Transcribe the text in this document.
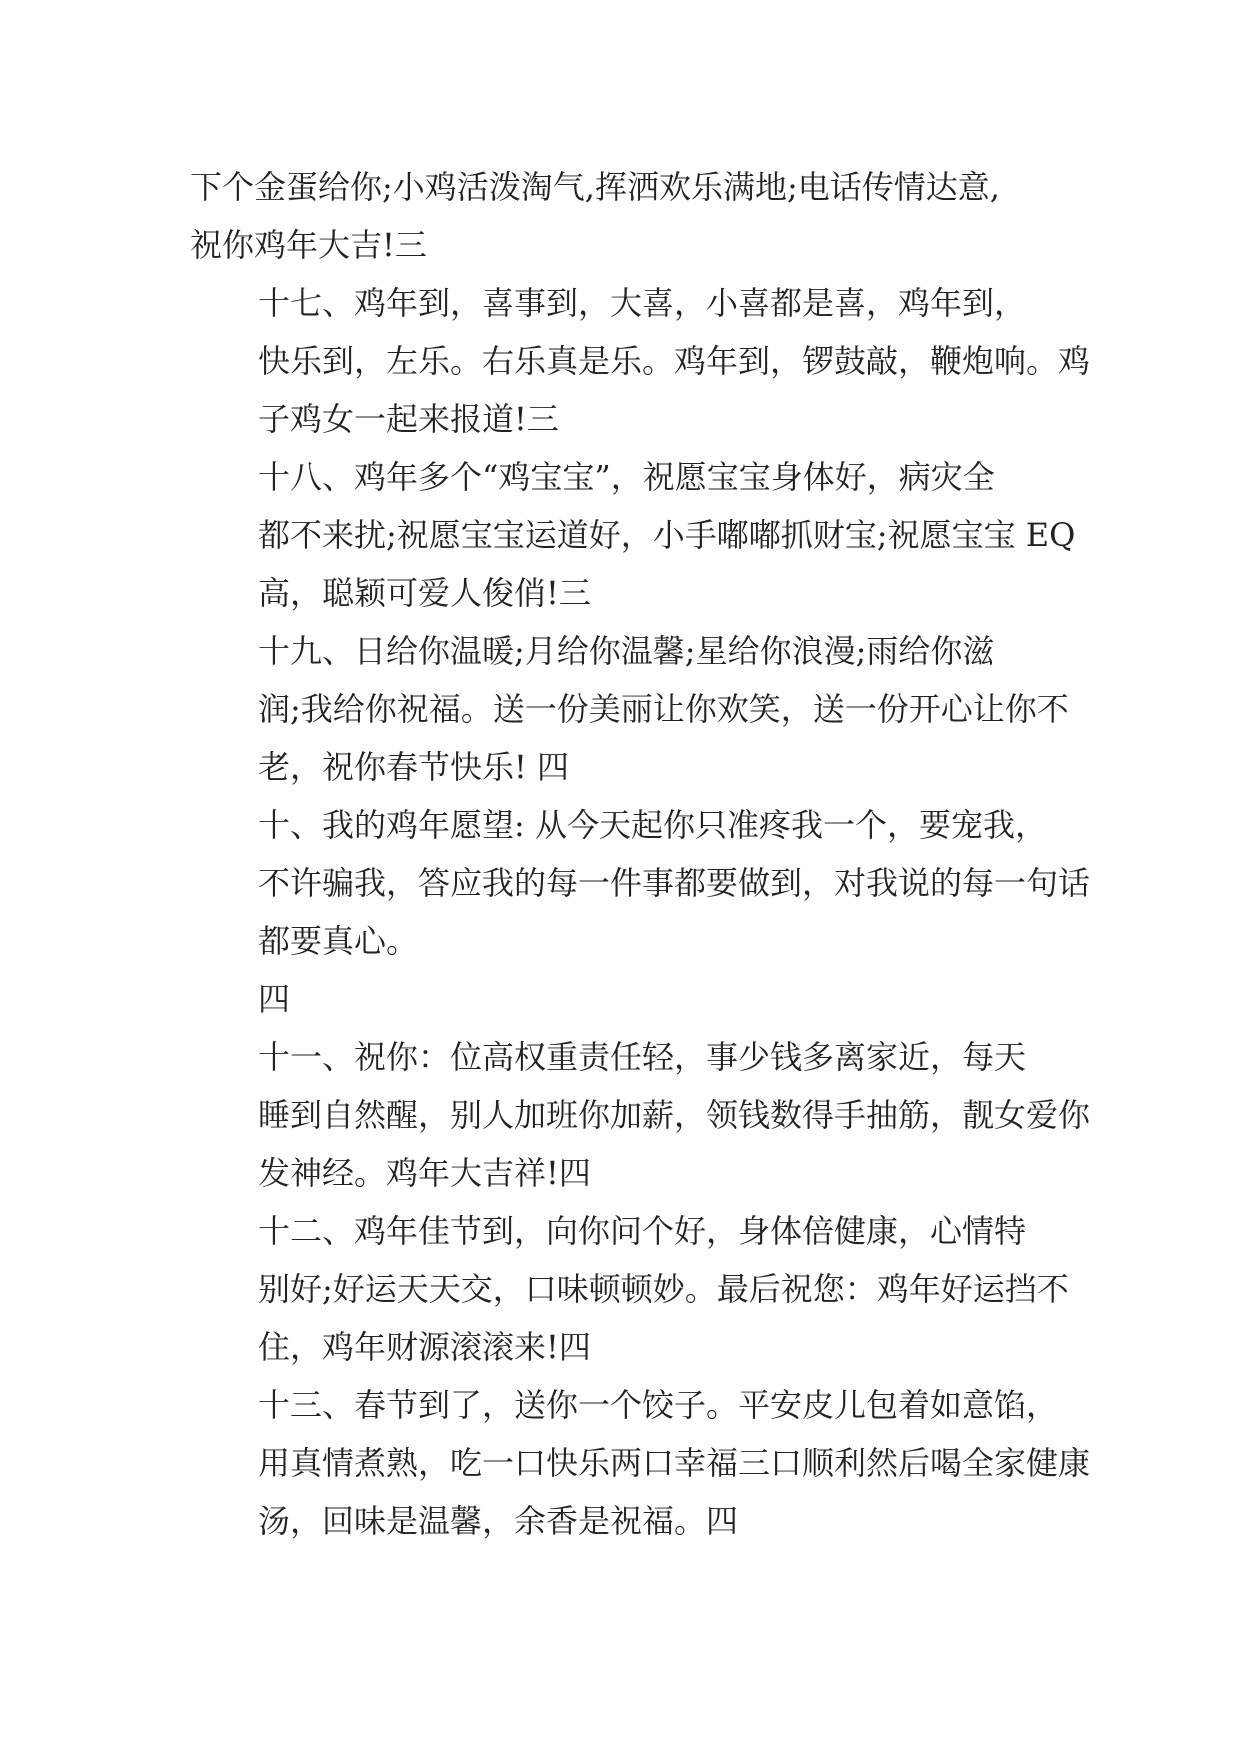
下个金蛋给你;小鸡活泼淘气,挥洒欢乐满地;电话传情达意,
祝你鸡年大吉!三
十七、鸡年到，喜事到，大喜，小喜都是喜，鸡年到，
快乐到，左乐。右乐真是乐。鸡年到，锣鼓敲，鞭炮响。鸡
子鸡女一起来报道!三
十八、鸡年多个“鸡宝宝”，祝愿宝宝身体好，病灾全
都不来扰;祝愿宝宝运道好，小手嘟嘟抓财宝;祝愿宝宝 EQ
高，聪颖可爱人俊俏!三
十九、日给你温暖;月给你温馨;星给你浪漫;雨给你滋
润;我给你祝福。送一份美丽让你欢笑，送一份开心让你不
老，祝你春节快乐! 四
十、我的鸡年愿望: 从今天起你只准疼我一个，要宠我，
不许骗我，答应我的每一件事都要做到，对我说的每一句话
都要真心。
四
十一、祝你：位高权重责任轻，事少钱多离家近，每天
睡到自然醒，别人加班你加薪，领钱数得手抽筋，靓女爱你
发神经。鸡年大吉祥!四
十二、鸡年佳节到，向你问个好，身体倍健康，心情特
别好;好运天天交，口味顿顿妙。最后祝您：鸡年好运挡不
住，鸡年财源滚滚来!四
十三、春节到了，送你一个饺子。平安皮儿包着如意馅，
用真情煮熟，吃一口快乐两口幸福三口顺利然后喝全家健康
汤，回味是温馨，余香是祝福。四
